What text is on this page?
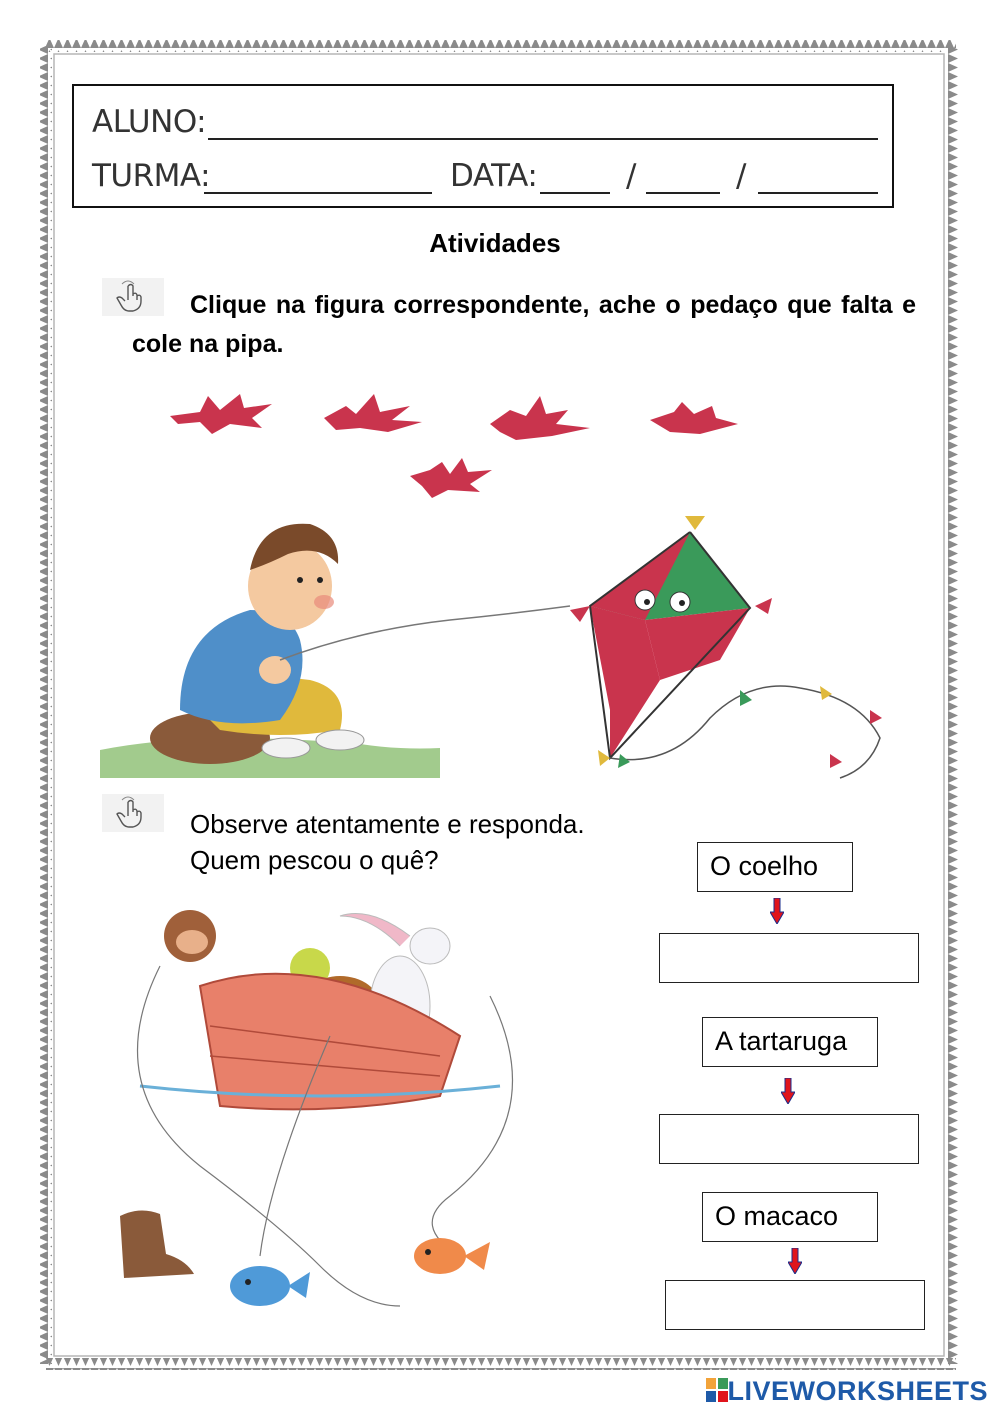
ALUNO:
TURMA:	DATA:	/	/
Atividades
Clique na figura correspondente, ache o pedaço que falta e cole na pipa.
Observe atentamente e responda.
Quem pescou o quê?	O coelho
A tartaruga
O macaco
LIVEWORKSHEETS
